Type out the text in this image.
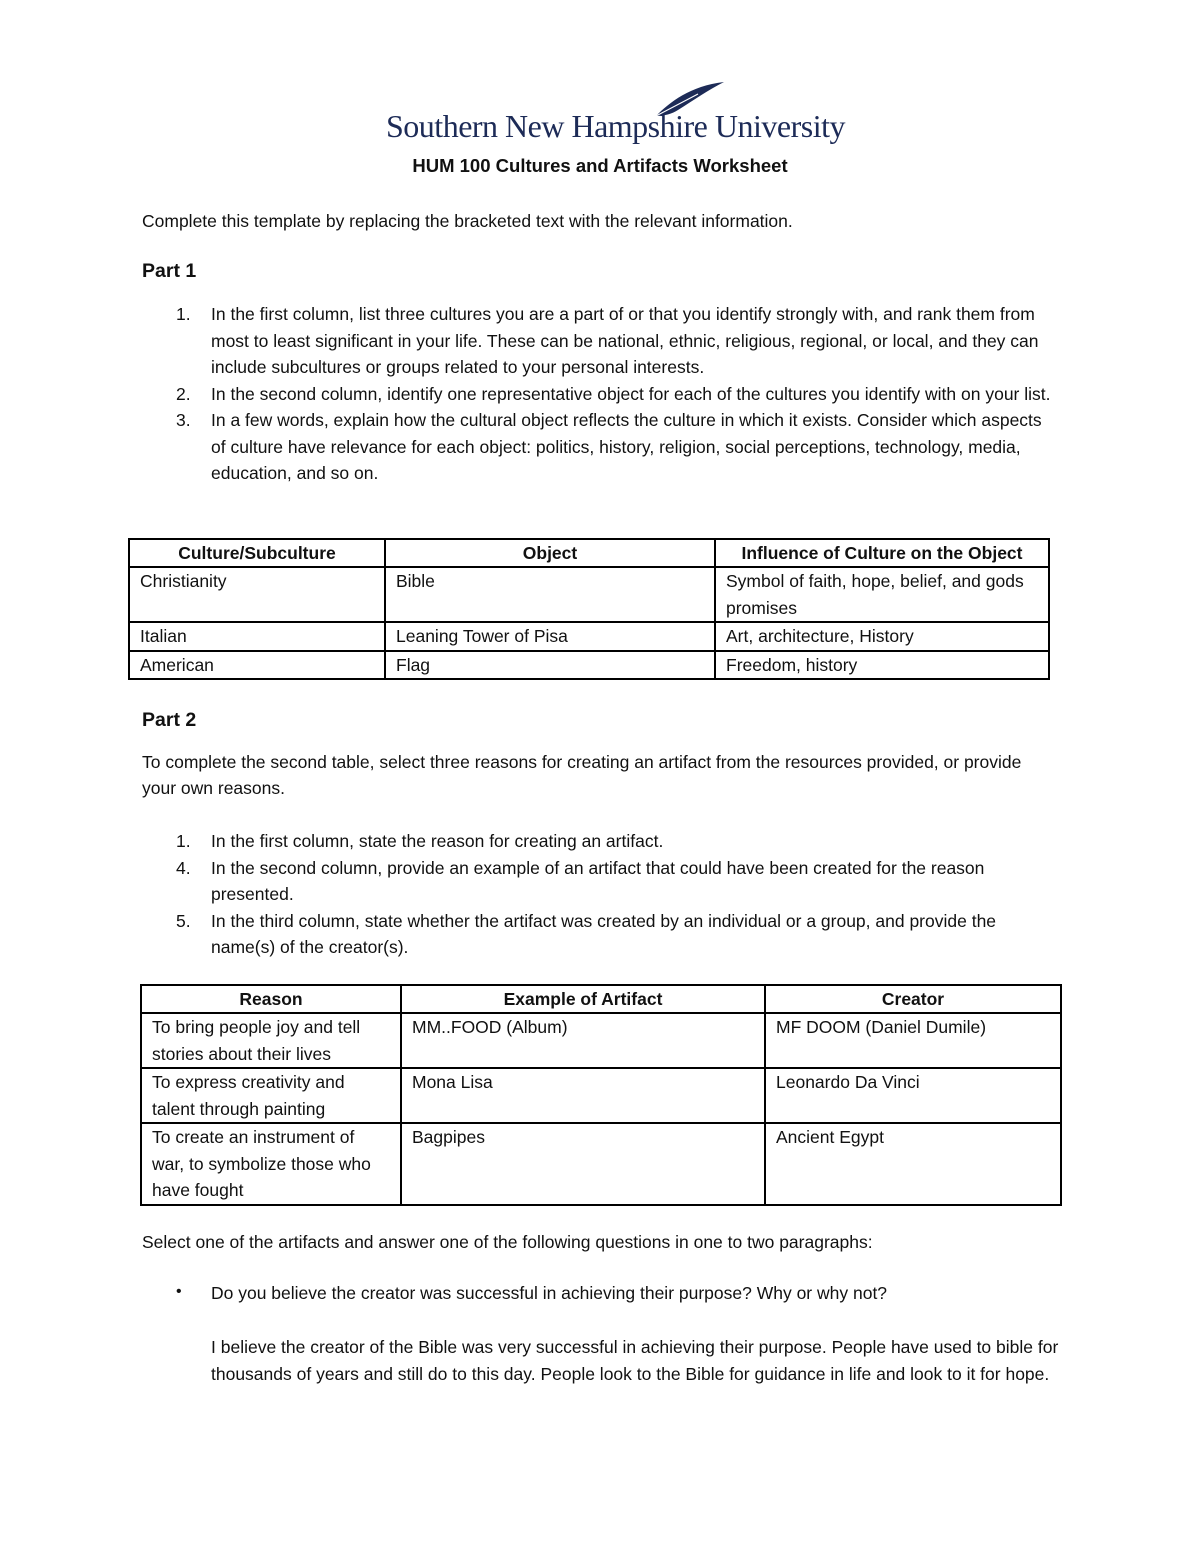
Southern New Hampshire University
HUM 100 Cultures and Artifacts Worksheet
Complete this template by replacing the bracketed text with the relevant information.
Part 1
1. In the first column, list three cultures you are a part of or that you identify strongly with, and rank them from most to least significant in your life. These can be national, ethnic, religious, regional, or local, and they can include subcultures or groups related to your personal interests.
2. In the second column, identify one representative object for each of the cultures you identify with on your list.
3. In a few words, explain how the cultural object reflects the culture in which it exists. Consider which aspects of culture have relevance for each object: politics, history, religion, social perceptions, technology, media, education, and so on.
Culture/Subculture	Object	Influence of Culture on the Object
Christianity	Bible	Symbol of faith, hope, belief, and gods promises
Italian	Leaning Tower of Pisa	Art, architecture, History
American	Flag	Freedom, history
Part 2
To complete the second table, select three reasons for creating an artifact from the resources provided, or provide your own reasons.
1. In the first column, state the reason for creating an artifact.
4. In the second column, provide an example of an artifact that could have been created for the reason presented.
5. In the third column, state whether the artifact was created by an individual or a group, and provide the name(s) of the creator(s).
Reason	Example of Artifact	Creator
To bring people joy and tell stories about their lives	MM..FOOD (Album)	MF DOOM (Daniel Dumile)
To express creativity and talent through painting	Mona Lisa	Leonardo Da Vinci
To create an instrument of war, to symbolize those who have fought	Bagpipes	Ancient Egypt
Select one of the artifacts and answer one of the following questions in one to two paragraphs:
• Do you believe the creator was successful in achieving their purpose? Why or why not?
I believe the creator of the Bible was very successful in achieving their purpose. People have used to bible for thousands of years and still do to this day. People look to the Bible for guidance in life and look to it for hope.
